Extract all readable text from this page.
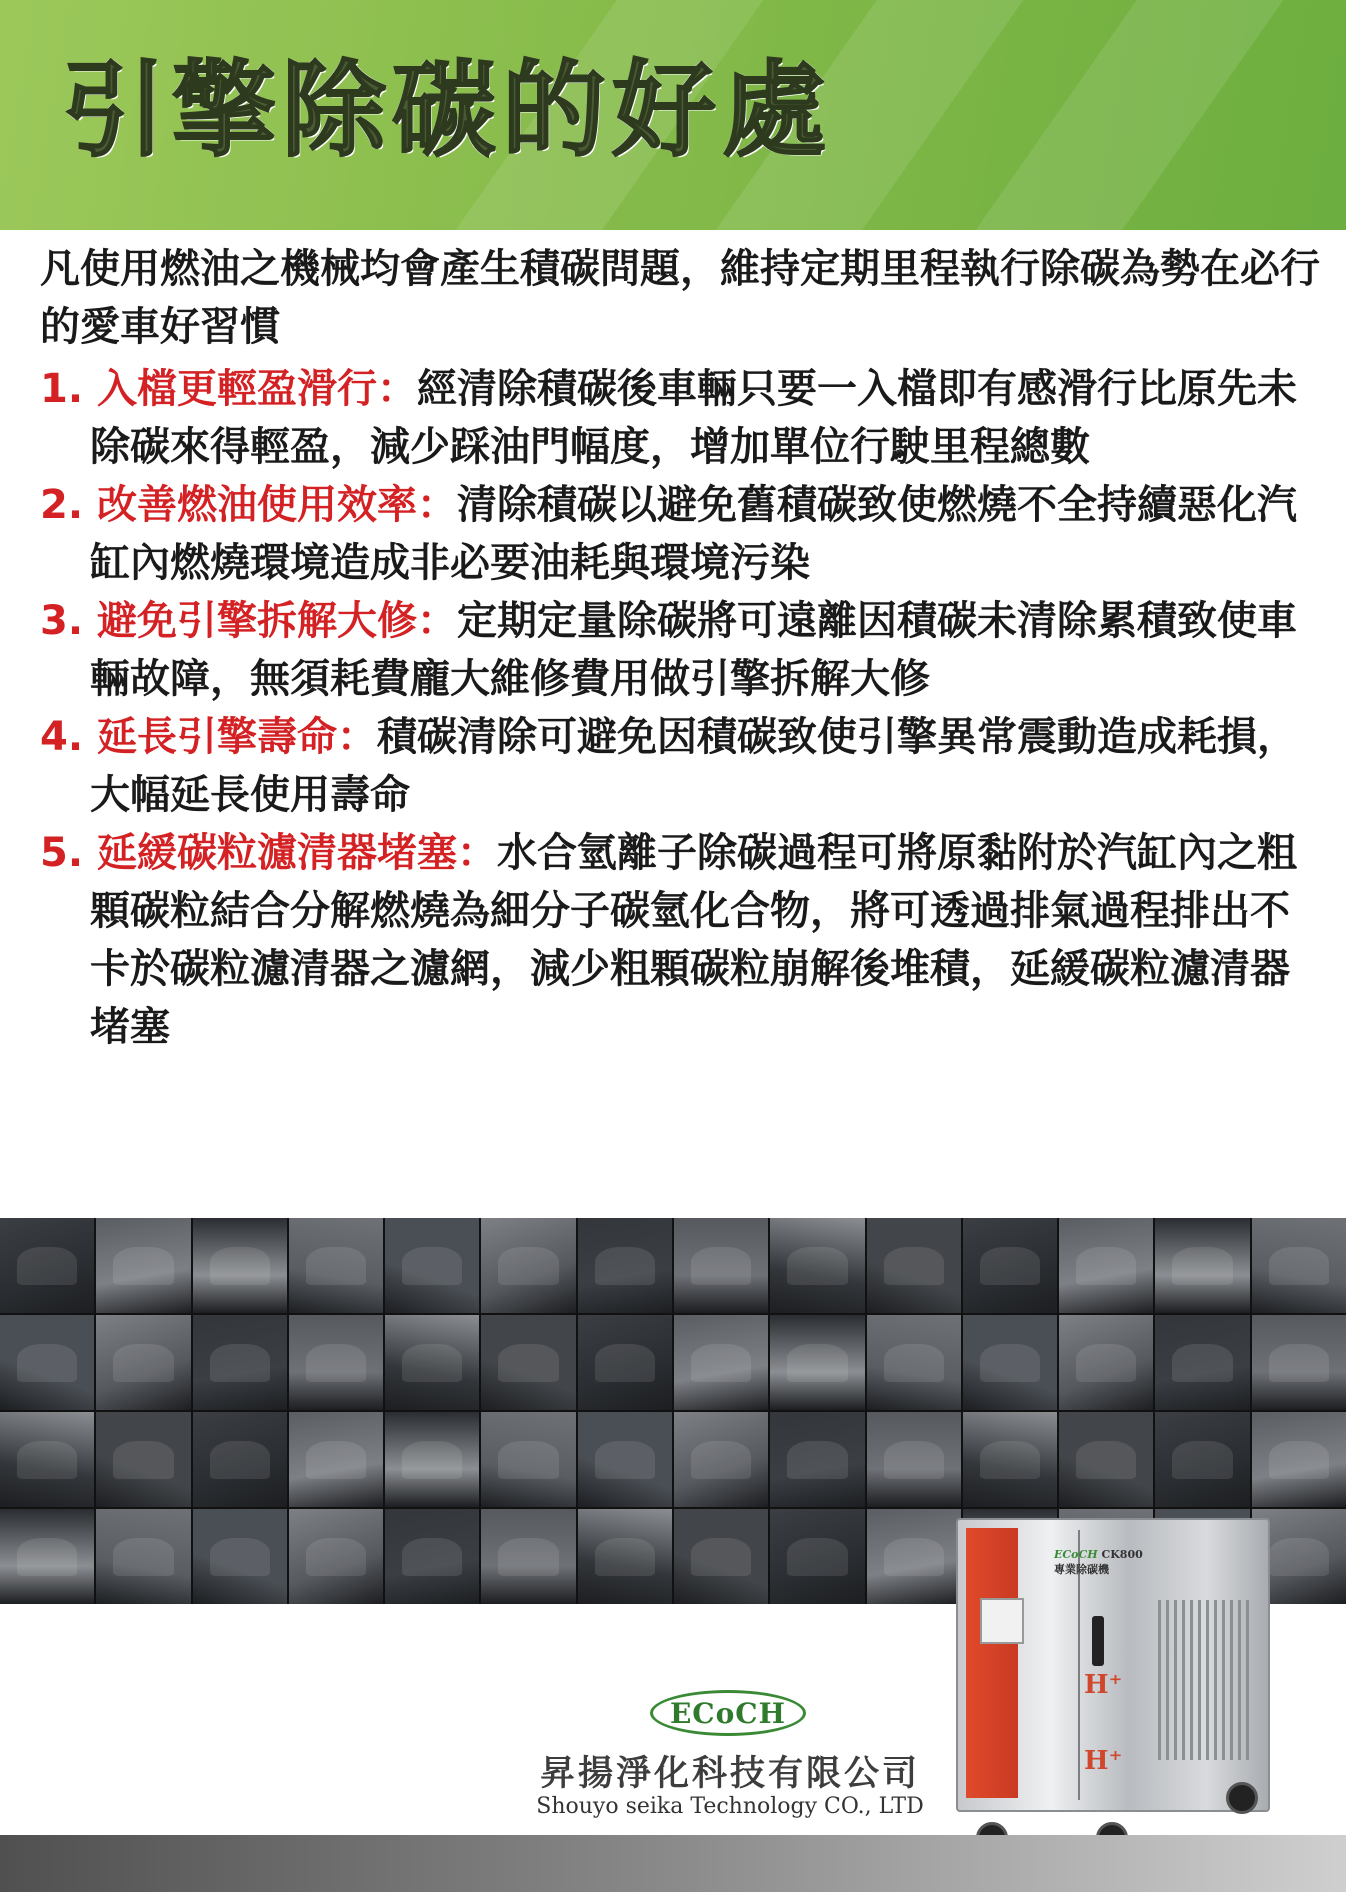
引擎除碳的好處

凡使用燃油之機械均會產生積碳問題，維持定期里程執行除碳為勢在必行的愛車好習慣

1. 入檔更輕盈滑行：經清除積碳後車輛只要一入檔即有感滑行比原先未除碳來得輕盈，減少踩油門幅度，增加單位行駛里程總數

2. 改善燃油使用效率：清除積碳以避免舊積碳致使燃燒不全持續惡化汽缸內燃燒環境造成非必要油耗與環境污染

3. 避免引擎拆解大修：定期定量除碳將可遠離因積碳未清除累積致使車輛故障，無須耗費龐大維修費用做引擎拆解大修

4. 延長引擎壽命：積碳清除可避免因積碳致使引擎異常震動造成耗損，大幅延長使用壽命

5. 延緩碳粒濾清器堵塞：水合氫離子除碳過程可將原黏附於汽缸內之粗顆碳粒結合分解燃燒為細分子碳氫化合物，將可透過排氣過程排出不卡於碳粒濾清器之濾網，減少粗顆碳粒崩解後堆積，延緩碳粒濾清器堵塞

ECoCH CK800
專業除碳機
H⁺
H⁺
ECoCH
昇揚淨化科技有限公司
Shouyo seika Technology CO., LTD
